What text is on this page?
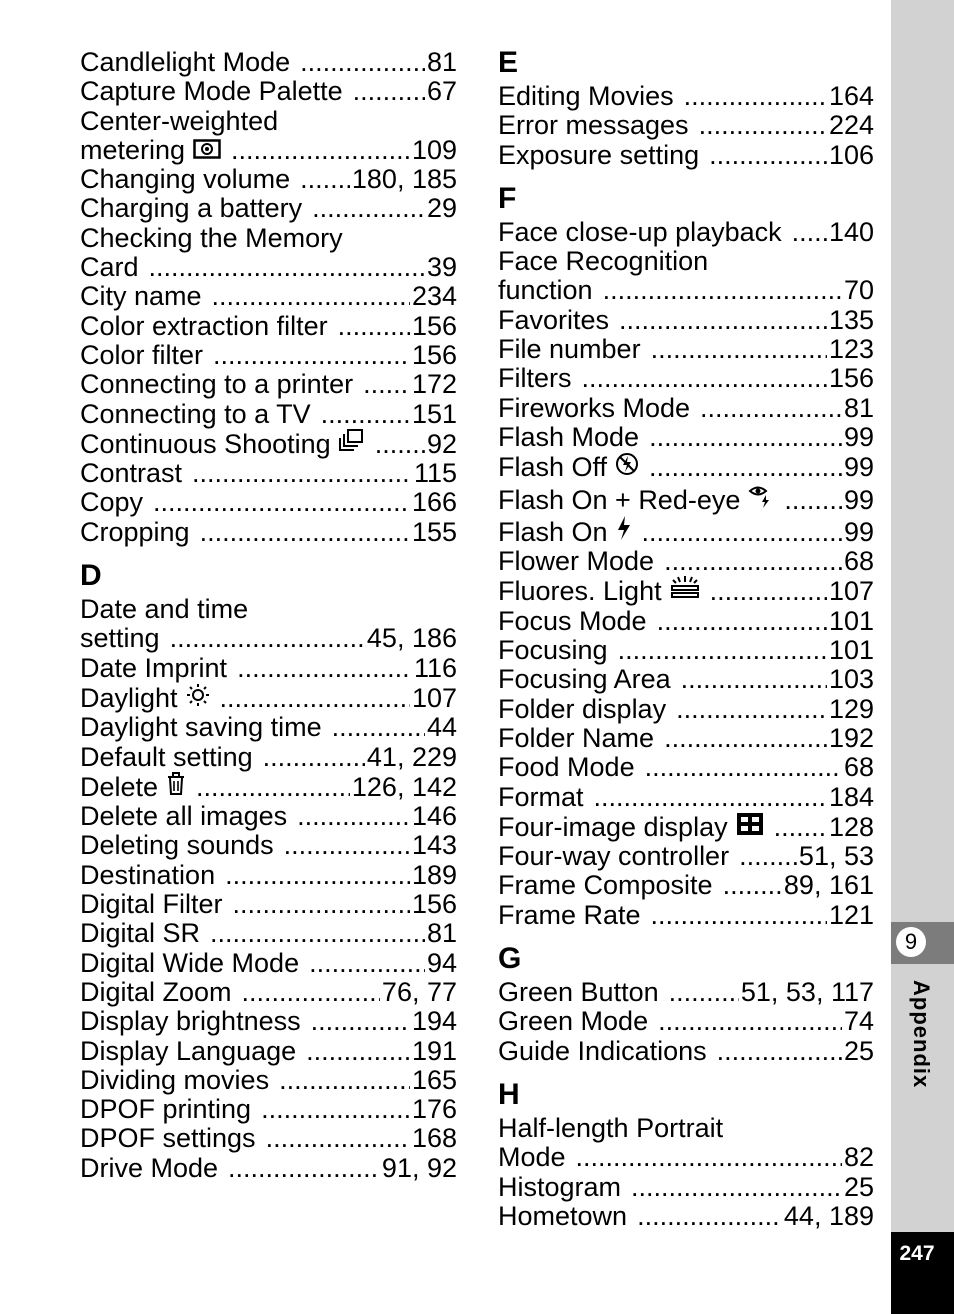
Candlelight Mode .....	81
Capture Mode Palette .....	67
Center-weighted
metering .....	109
Changing volume ..... 180, 185
Charging a battery .....	29
Checking the Memory
Card .....	39
City name .....	234
Color extraction filter .....	156
Color filter .....	156
Connecting to a printer ..... 172
Connecting to a TV .....	151
Continuous Shooting .....	92
Contrast .....	115
Copy .....	166
Cropping .....	155
D
Date and time
setting .....	45, 186
Date Imprint .....	116
Daylight .....	107
Daylight saving time .....	44
Default setting .....	41, 229
Delete .....	126, 142
Delete all images .....	146
Deleting sounds .....	143
Destination .....	189
Digital Filter .....	156
Digital SR .....	81
Digital Wide Mode .....	94
Digital Zoom .....	76, 77
Display brightness .....	194
Display Language .....	191
Dividing movies .....	165
DPOF printing .....	176
DPOF settings .....	168
Drive Mode .....	91, 92
E
Editing Movies .....	164
Error messages .....	224
Exposure setting .....	106
F
Face close-up playback ..... 140
Face Recognition
function .....	70
Favorites .....	135
File number .....	123
Filters .....	156
Fireworks Mode .....	81
Flash Mode .....	99
Flash Off .....	99
Flash On + Red-eye .....	99
Flash On .....	99
Flower Mode .....	68
Fluores. Light .....	107
Focus Mode .....	101
Focusing .....	101
Focusing Area .....	103
Folder display .....	129
Folder Name .....	192
Food Mode .....	68
Format .....	184
Four-image display .....	128
Four-way controller .....	51, 53
Frame Composite .....	89, 161
Frame Rate .....	121
G
Green Button .....	51, 53, 117
Green Mode .....	74
Guide Indications .....	25
H
Half-length Portrait
Mode .....	82
Histogram .....	25
Hometown .....	44, 189
9
Appendix
247
